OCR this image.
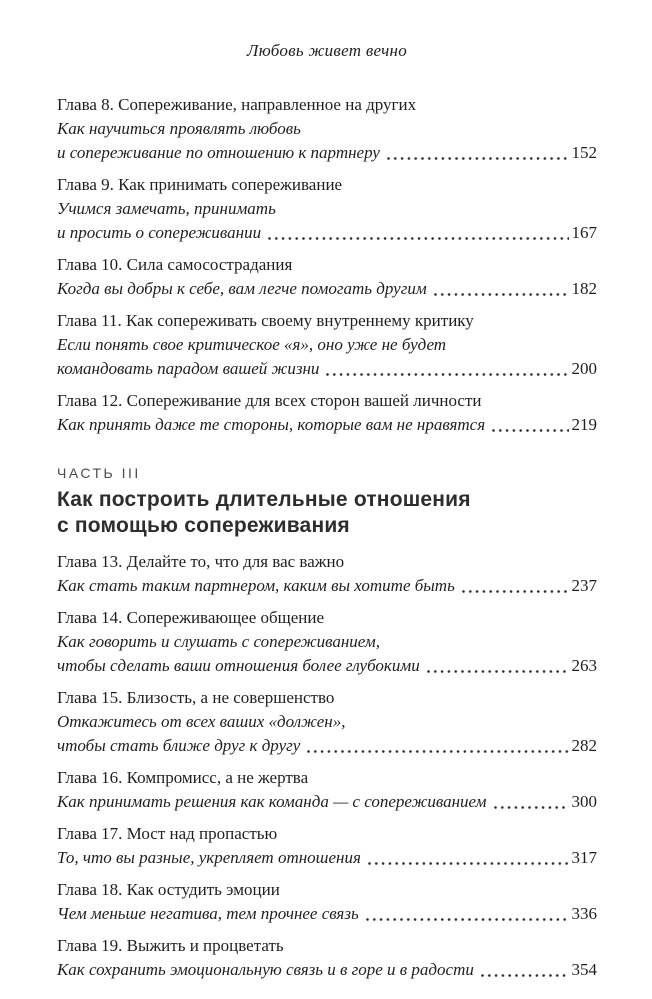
Любовь живет вечно
Глава 8. Сопереживание, направленное на других
Как научиться проявлять любовь
и сопереживание по отношению к партнеру	152
Глава 9. Как принимать сопереживание
Учимся замечать, принимать
и просить о сопереживании	167
Глава 10. Сила самосострадания
Когда вы добры к себе, вам легче помогать другим	182
Глава 11. Как сопереживать своему внутреннему критику
Если понять свое критическое «я», оно уже не будет
командовать парадом вашей жизни	200
Глава 12. Сопереживание для всех сторон вашей личности
Как принять даже те стороны, которые вам не нравятся	219
ЧАСТЬ III
Как построить длительные отношения
с помощью сопереживания
Глава 13. Делайте то, что для вас важно
Как стать таким партнером, каким вы хотите быть	237
Глава 14. Сопереживающее общение
Как говорить и слушать с сопереживанием,
чтобы сделать ваши отношения более глубокими	263
Глава 15. Близость, а не совершенство
Откажитесь от всех ваших «должен»,
чтобы стать ближе друг к другу	282
Глава 16. Компромисс, а не жертва
Как принимать решения как команда — с сопереживанием	300
Глава 17. Мост над пропастью
То, что вы разные, укрепляет отношения	317
Глава 18. Как остудить эмоции
Чем меньше негатива, тем прочнее связь	336
Глава 19. Выжить и процветать
Как сохранить эмоциональную связь и в горе и в радости	354
